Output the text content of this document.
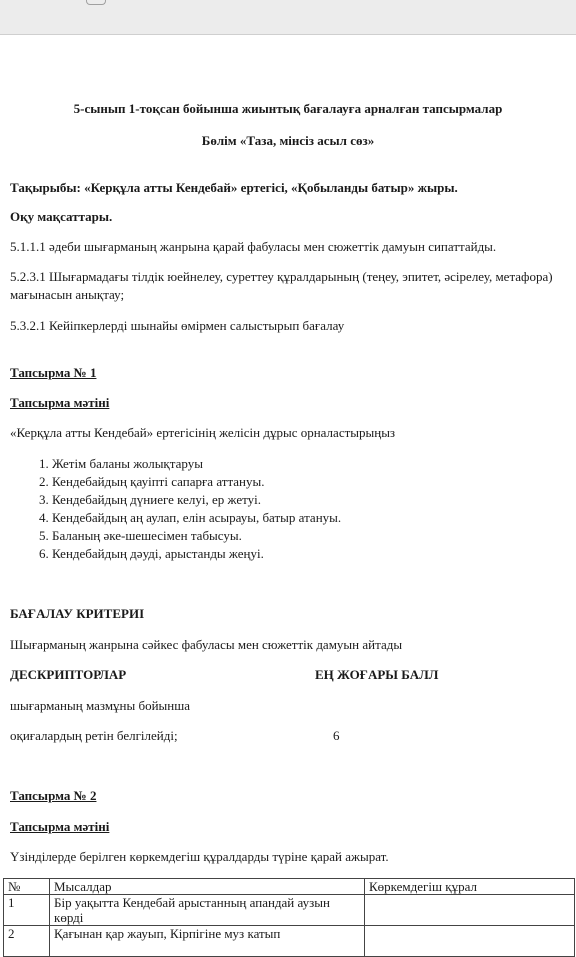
5-сынып 1-тоқсан бойынша жиынтық бағалауға арналған тапсырмалар
Бөлім «Таза, мінсіз асыл сөз»
Тақырыбы: «Керқұла атты Кендебай» ертегісі, «Қобыланды батыр» жыры.
Оқу мақсаттары.
5.1.1.1 әдеби шығарманың жанрына қарай фабуласы мен сюжеттік дамуын сипаттайды.
5.2.3.1 Шығармадағы тілдік юейнелеу, суреттеу құралдарының (теңеу, эпитет, әсірелеу, метафора) мағынасын анықтау;
5.3.2.1 Кейіпкерлерді шынайы өмірмен салыстырып бағалау
Тапсырма № 1
Тапсырма мәтіні
«Керқұла атты Кендебай» ертегісінің желісін дұрыс орналастырыңыз
1. Жетім баланы жолықтаруы
2. Кендебайдың қауіпті сапарға аттануы.
3. Кендебайдың дүниеге келуі, ер жетуі.
4. Кендебайдың аң аулап, елін асырауы, батыр атануы.
5. Баланың әке-шешесімен табысуы.
6. Кендебайдың дәуді, арыстанды жеңуі.
БАҒАЛАУ КРИТЕРИІ
Шығарманың жанрына сәйкес фабуласы мен сюжеттік дамуын айтады
ДЕСКРИПТОРЛАР	ЕҢ ЖОҒАРЫ БАЛЛ
шығарманың мазмұны бойынша
оқиғалардың ретін белгілейді;	6
Тапсырма № 2
Тапсырма мәтіні
Үзінділерде берілген көркемдегіш құралдарды түріне қарай ажырат.
№	Мысалдар	Көркемдегіш құрал
1	Бір уақытта Кендебай арыстанның апандай аузын көрді	
2	Қағынан қар жауып, Кірпігіне муз катып	
